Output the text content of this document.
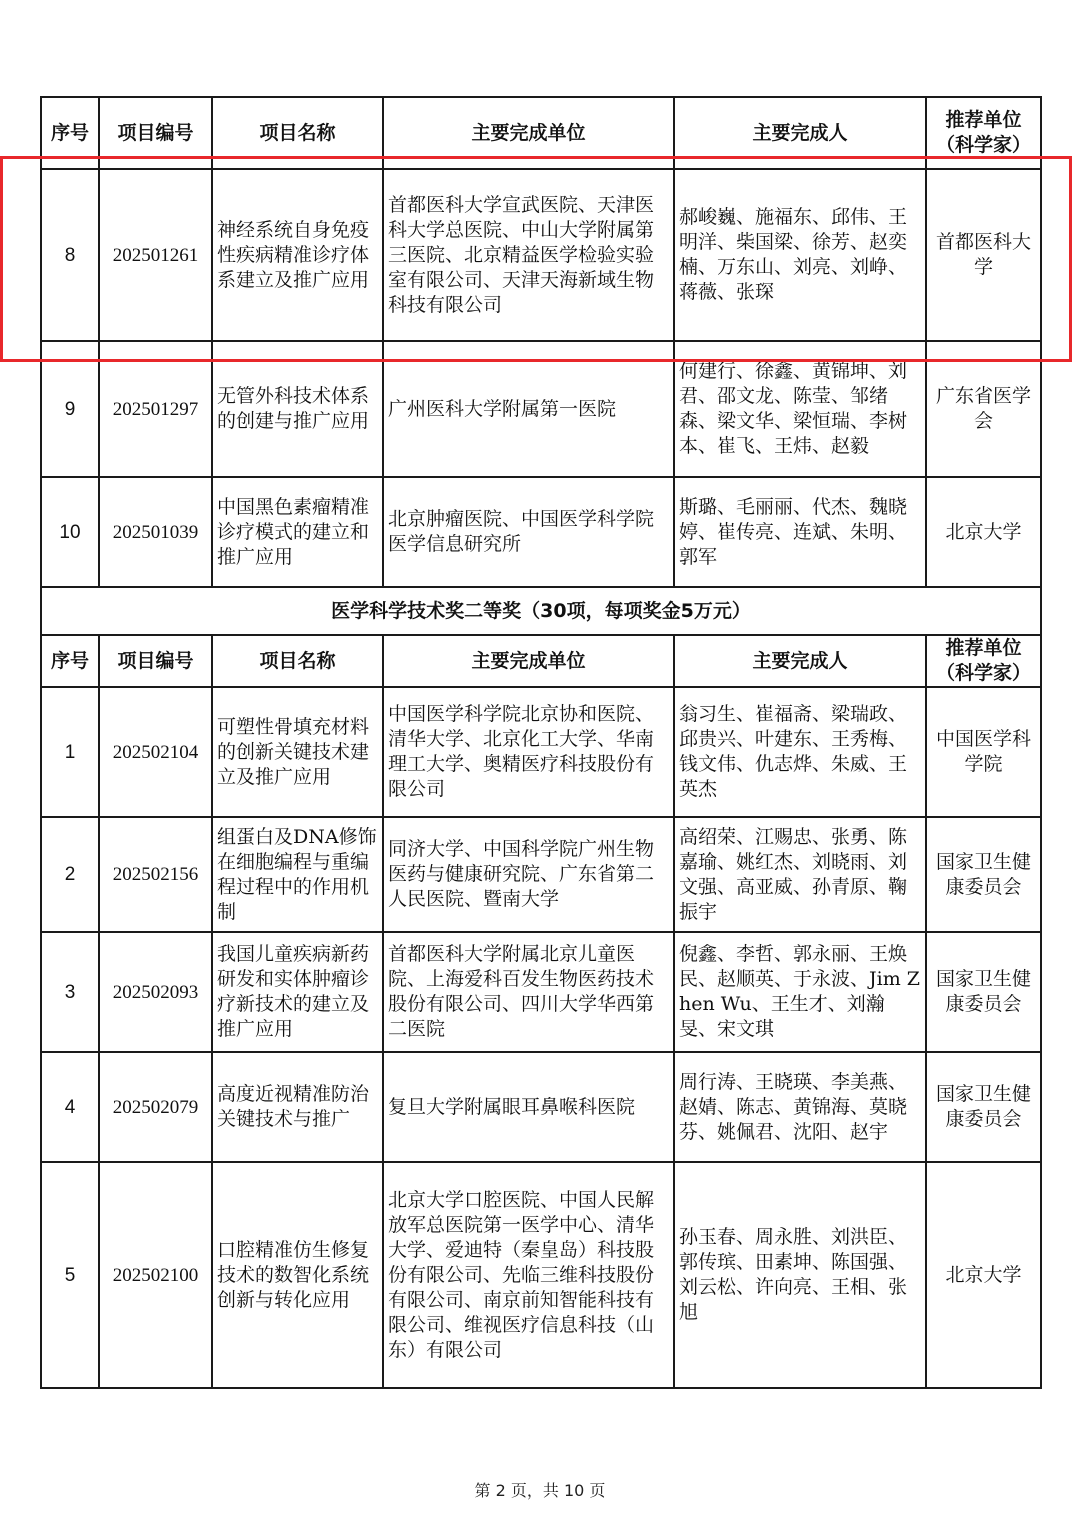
序号	项目编号	项目名称	主要完成单位	主要完成人	推荐单位（科学家）
8	202501261	神经系统自身免疫性疾病精准诊疗体系建立及推广应用	首都医科大学宣武医院、天津医科大学总医院、中山大学附属第三医院、北京精益医学检验实验室有限公司、天津天海新域生物科技有限公司	郝峻巍、施福东、邱伟、王明洋、柴国梁、徐芳、赵奕楠、万东山、刘亮、刘峥、蒋薇、张琛	首都医科大学
9	202501297	无管外科技术体系的创建与推广应用	广州医科大学附属第一医院	何建行、徐鑫、黄锦坤、刘君、邵文龙、陈莹、邹绪森、梁文华、梁恒瑞、李树本、崔飞、王炜、赵毅	广东省医学会
10	202501039	中国黑色素瘤精准诊疗模式的建立和推广应用	北京肿瘤医院、中国医学科学院医学信息研究所	斯璐、毛丽丽、代杰、魏晓婷、崔传亮、连斌、朱明、郭军	北京大学
医学科学技术奖二等奖（30项，每项奖金5万元）					
序号	项目编号	项目名称	主要完成单位	主要完成人	推荐单位（科学家）
1	202502104	可塑性骨填充材料的创新关键技术建立及推广应用	中国医学科学院北京协和医院、清华大学、北京化工大学、华南理工大学、奥精医疗科技股份有限公司	翁习生、崔福斋、梁瑞政、邱贵兴、叶建东、王秀梅、钱文伟、仇志烨、朱威、王英杰	中国医学科学院
2	202502156	组蛋白及DNA修饰在细胞编程与重编程过程中的作用机制	同济大学、中国科学院广州生物医药与健康研究院、广东省第二人民医院、暨南大学	高绍荣、江赐忠、张勇、陈嘉瑜、姚红杰、刘晓雨、刘文强、高亚威、孙青原、鞠振宇	国家卫生健康委员会
3	202502093	我国儿童疾病新药研发和实体肿瘤诊疗新技术的建立及推广应用	首都医科大学附属北京儿童医院、上海爱科百发生物医药技术股份有限公司、四川大学华西第二医院	倪鑫、李哲、郭永丽、王焕民、赵顺英、于永波、Jim Zhen Wu、王生才、刘瀚旻、宋文琪	国家卫生健康委员会
4	202502079	高度近视精准防治关键技术与推广	复旦大学附属眼耳鼻喉科医院	周行涛、王晓瑛、李美燕、赵婧、陈志、黄锦海、莫晓芬、姚佩君、沈阳、赵宇	国家卫生健康委员会
5	202502100	口腔精准仿生修复技术的数智化系统创新与转化应用	北京大学口腔医院、中国人民解放军总医院第一医学中心、清华大学、爱迪特（秦皇岛）科技股份有限公司、先临三维科技股份有限公司、南京前知智能科技有限公司、维视医疗信息科技（山东）有限公司	孙玉春、周永胜、刘洪臣、郭传瑸、田素坤、陈国强、刘云松、许向亮、王相、张旭	北京大学
第 2 页，共 10 页
